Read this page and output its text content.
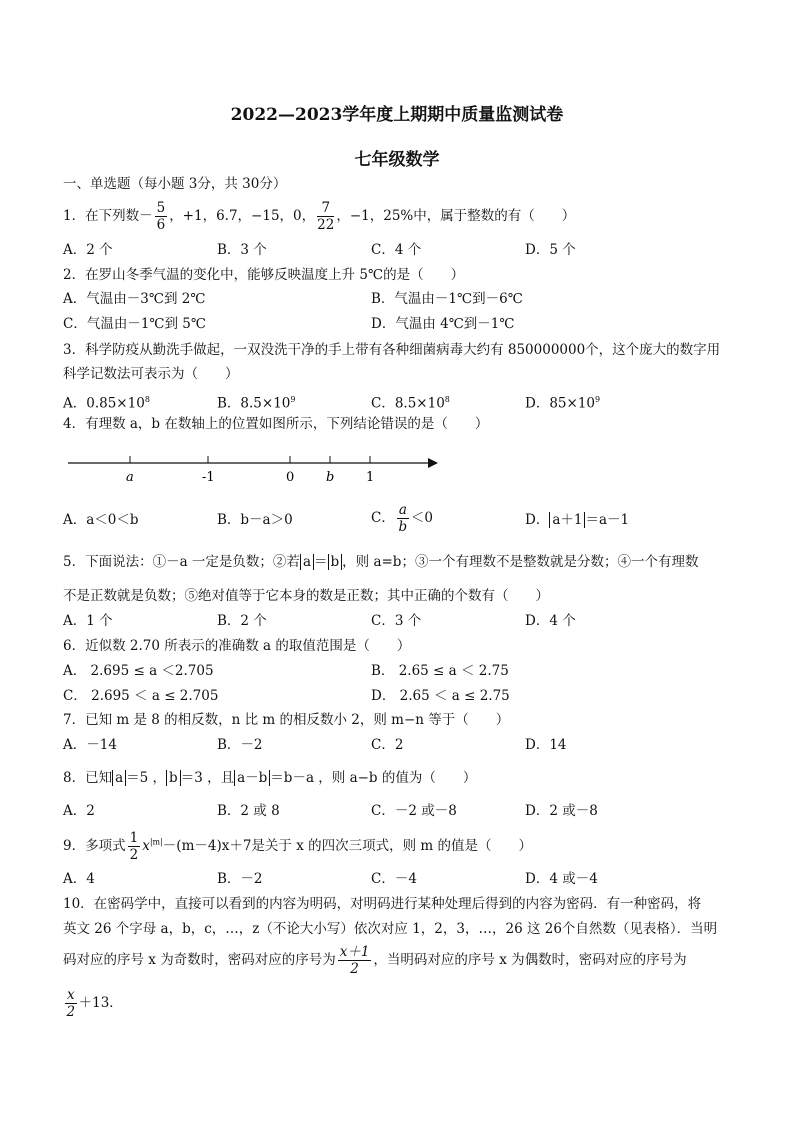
2022—2023学年度上期期中质量监测试卷
七年级数学
一、单选题（每小题 3分，共 30分）
1．在下列数－ $\frac{5}{6}$ ，+1，6.7，−15，0， $\frac{7}{22}$ ，−1，25%中，属于整数的有（　　）
A．2 个	B．3 个	C．4 个	D．5 个
2．在罗山冬季气温的变化中，能够反映温度上升 5℃的是（　　）
A．气温由－3℃到 2℃	B．气温由－1℃到－6℃
C．气温由－1℃到 5℃	D．气温由 4℃到－1℃
3．科学防疫从勤洗手做起，一双没洗干净的手上带有各种细菌病毒大约有 850000000个，这个庞大的数字用
科学记数法可表示为（　　）
A．$0.85\times 10^8$	B．$8.5\times 10^9$	C．$8.5\times 10^8$	D．$85\times 10^9$
4．有理数 a，b 在数轴上的位置如图所示，下列结论错误的是（　　）
a	-1	0 b 1
A．a＜0＜b	B．b－a＞0	C． $\frac{a}{b} <0$	D． a＋1 ＝a－1
5．下面说法：①－a 一定是负数；②若 a ＝ b ，则 a=b；③一个有理数不是整数就是分数；④一个有理数
不是正数就是负数；⑤绝对值等于它本身的数是正数；其中正确的个数有（　　）
A．1 个	B．2 个	C．3 个	D．4 个
6．近似数 2.70 所表示的准确数 a 的取值范围是（　　）
A． 2.695 ≤ a ＜2.705	B． 2.65 ≤ a ＜ 2.75
C． 2.695 ＜ a ≤ 2.705	D． 2.65 ＜ a ≤ 2.75
7．已知 m 是 8 的相反数，n 比 m 的相反数小 2，则 m−n 等于（　　）
A．－14	B．－2	C．2	D．14
8．已知 a ＝5 ， b ＝3 ，且 a－b ＝b－a ，则 a−b 的值为（　　）
A．2	B．2 或 8	C．－2 或－8	D．2 或－8
9．多项式 $\frac{1}{2} x^{|m|}-(m-4)x+7$是关于 x 的四次三项式，则 m 的值是（　　）
A．4	B．－2	C．－4	D．4 或－4
10．在密码学中，直接可以看到的内容为明码，对明码进行某种处理后得到的内容为密码．有一种密码，将
英文 26 个字母 a，b，c，…，z（不论大小写）依次对应 1，2，3，…，26 这 26个自然数（见表格）．当明
码对应的序号 x 为奇数时，密码对应的序号为 $\frac{x+1}{2}$ ，当明码对应的序号 x 为偶数时，密码对应的序号为
$\frac{x}{2} +13$．
